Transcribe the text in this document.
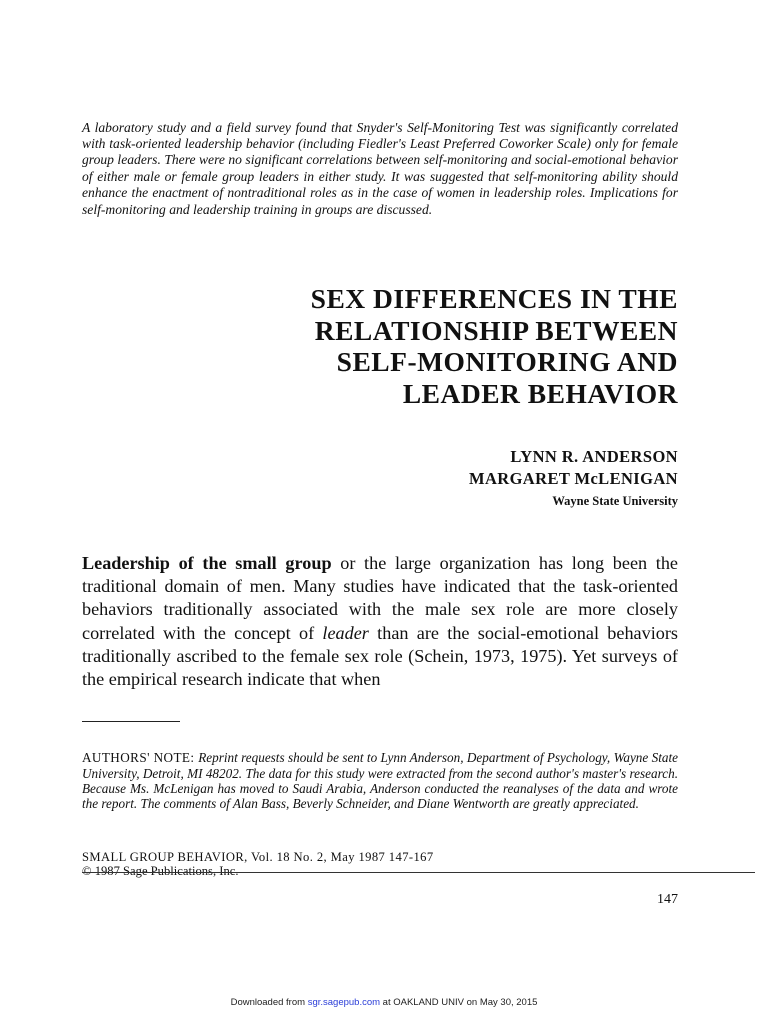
A laboratory study and a field survey found that Snyder's Self-Monitoring Test was significantly correlated with task-oriented leadership behavior (including Fiedler's Least Preferred Coworker Scale) only for female group leaders. There were no significant correlations between self-monitoring and social-emotional behavior of either male or female group leaders in either study. It was suggested that self-monitoring ability should enhance the enactment of nontraditional roles as in the case of women in leadership roles. Implications for self-monitoring and leadership training in groups are discussed.

SEX DIFFERENCES IN THE
RELATIONSHIP BETWEEN
SELF-MONITORING AND
LEADER BEHAVIOR
LYNN R. ANDERSON
MARGARET McLENIGAN
Wayne State University

Leadership of the small group or the large organization has long been the traditional domain of men. Many studies have indicated that the task-oriented behaviors traditionally associated with the male sex role are more closely correlated with the concept of leader than are the social-emotional behaviors traditionally ascribed to the female sex role (Schein, 1973, 1975). Yet surveys of the empirical research indicate that when

AUTHORS' NOTE: Reprint requests should be sent to Lynn Anderson, Department of Psychology, Wayne State University, Detroit, MI 48202. The data for this study were extracted from the second author's master's research. Because Ms. McLenigan has moved to Saudi Arabia, Anderson conducted the reanalyses of the data and wrote the report. The comments of Alan Bass, Beverly Schneider, and Diane Wentworth are greatly appreciated.

SMALL GROUP BEHAVIOR, Vol. 18 No. 2, May 1987 147-167
© 1987 Sage Publications, Inc.
147
Downloaded from sgr.sagepub.com at OAKLAND UNIV on May 30, 2015
